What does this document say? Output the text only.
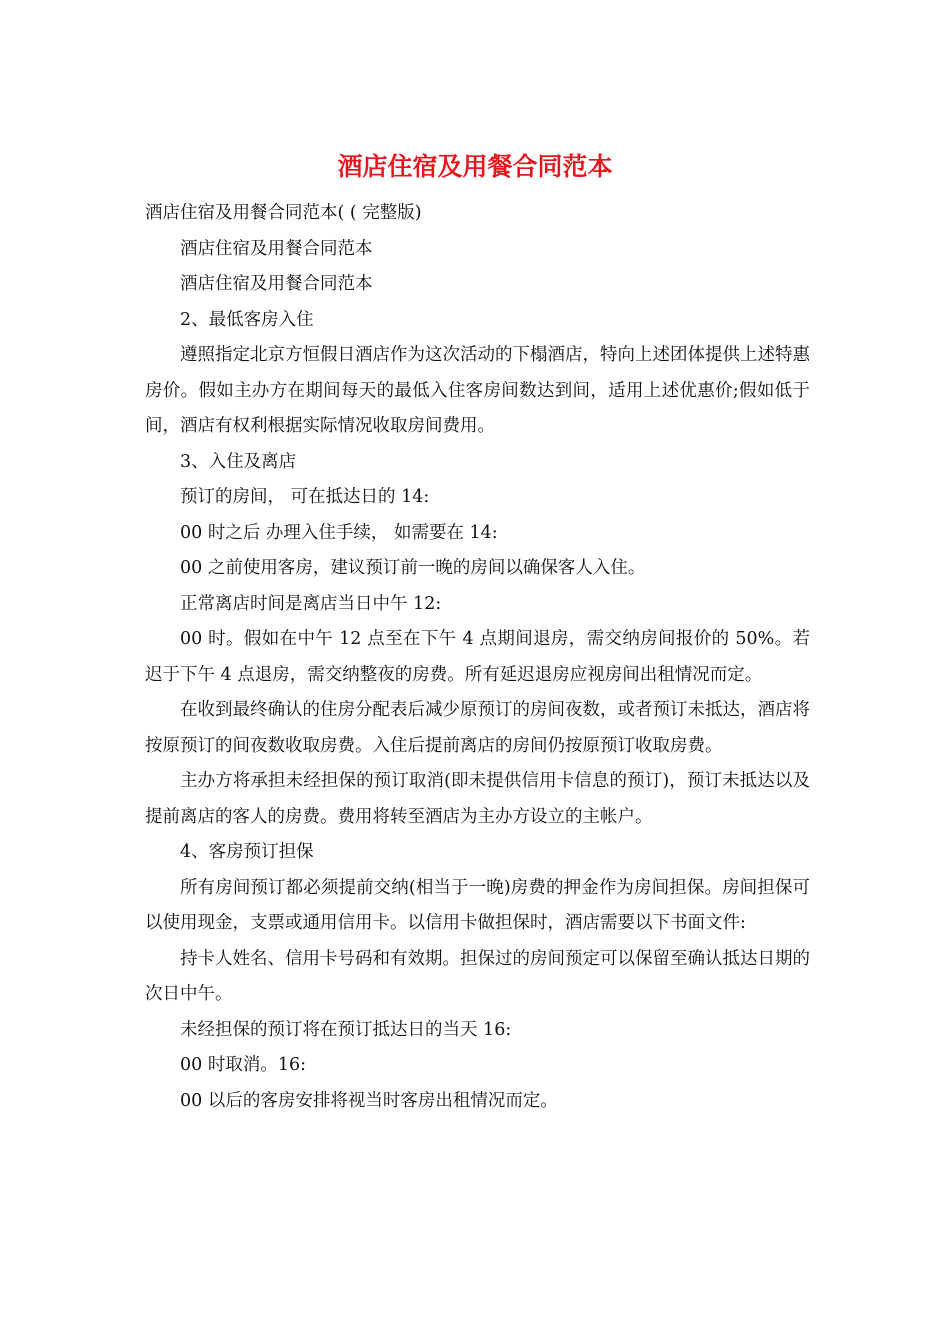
酒店住宿及用餐合同范本

酒店住宿及用餐合同范本( ( 完整版)

酒店住宿及用餐合同范本

酒店住宿及用餐合同范本

2、最低客房入住

遵照指定北京方恒假日酒店作为这次活动的下榻酒店，特向上述团体提供上述特惠房价。假如主办方在期间每天的最低入住客房间数达到间，适用上述优惠价;假如低于间，酒店有权利根据实际情况收取房间费用。

3、入住及离店

预订的房间， 可在抵达日的 14:

00 时之后 办理入住手续， 如需要在 14:

00 之前使用客房，建议预订前一晚的房间以确保客人入住。

正常离店时间是离店当日中午 12:

00 时。假如在中午 12 点至在下午 4 点期间退房，需交纳房间报价的 50%。若迟于下午 4 点退房，需交纳整夜的房费。所有延迟退房应视房间出租情况而定。

在收到最终确认的住房分配表后减少原预订的房间夜数，或者预订未抵达，酒店将按原预订的间夜数收取房费。入住后提前离店的房间仍按原预订收取房费。

主办方将承担未经担保的预订取消(即未提供信用卡信息的预订)，预订未抵达以及提前离店的客人的房费。费用将转至酒店为主办方设立的主帐户。

4、客房预订担保

所有房间预订都必须提前交纳(相当于一晚)房费的押金作为房间担保。房间担保可以使用现金，支票或通用信用卡。以信用卡做担保时，酒店需要以下书面文件:

持卡人姓名、信用卡号码和有效期。担保过的房间预定可以保留至确认抵达日期的次日中午。

未经担保的预订将在预订抵达日的当天 16:

00 时取消。16:

00 以后的客房安排将视当时客房出租情况而定。
